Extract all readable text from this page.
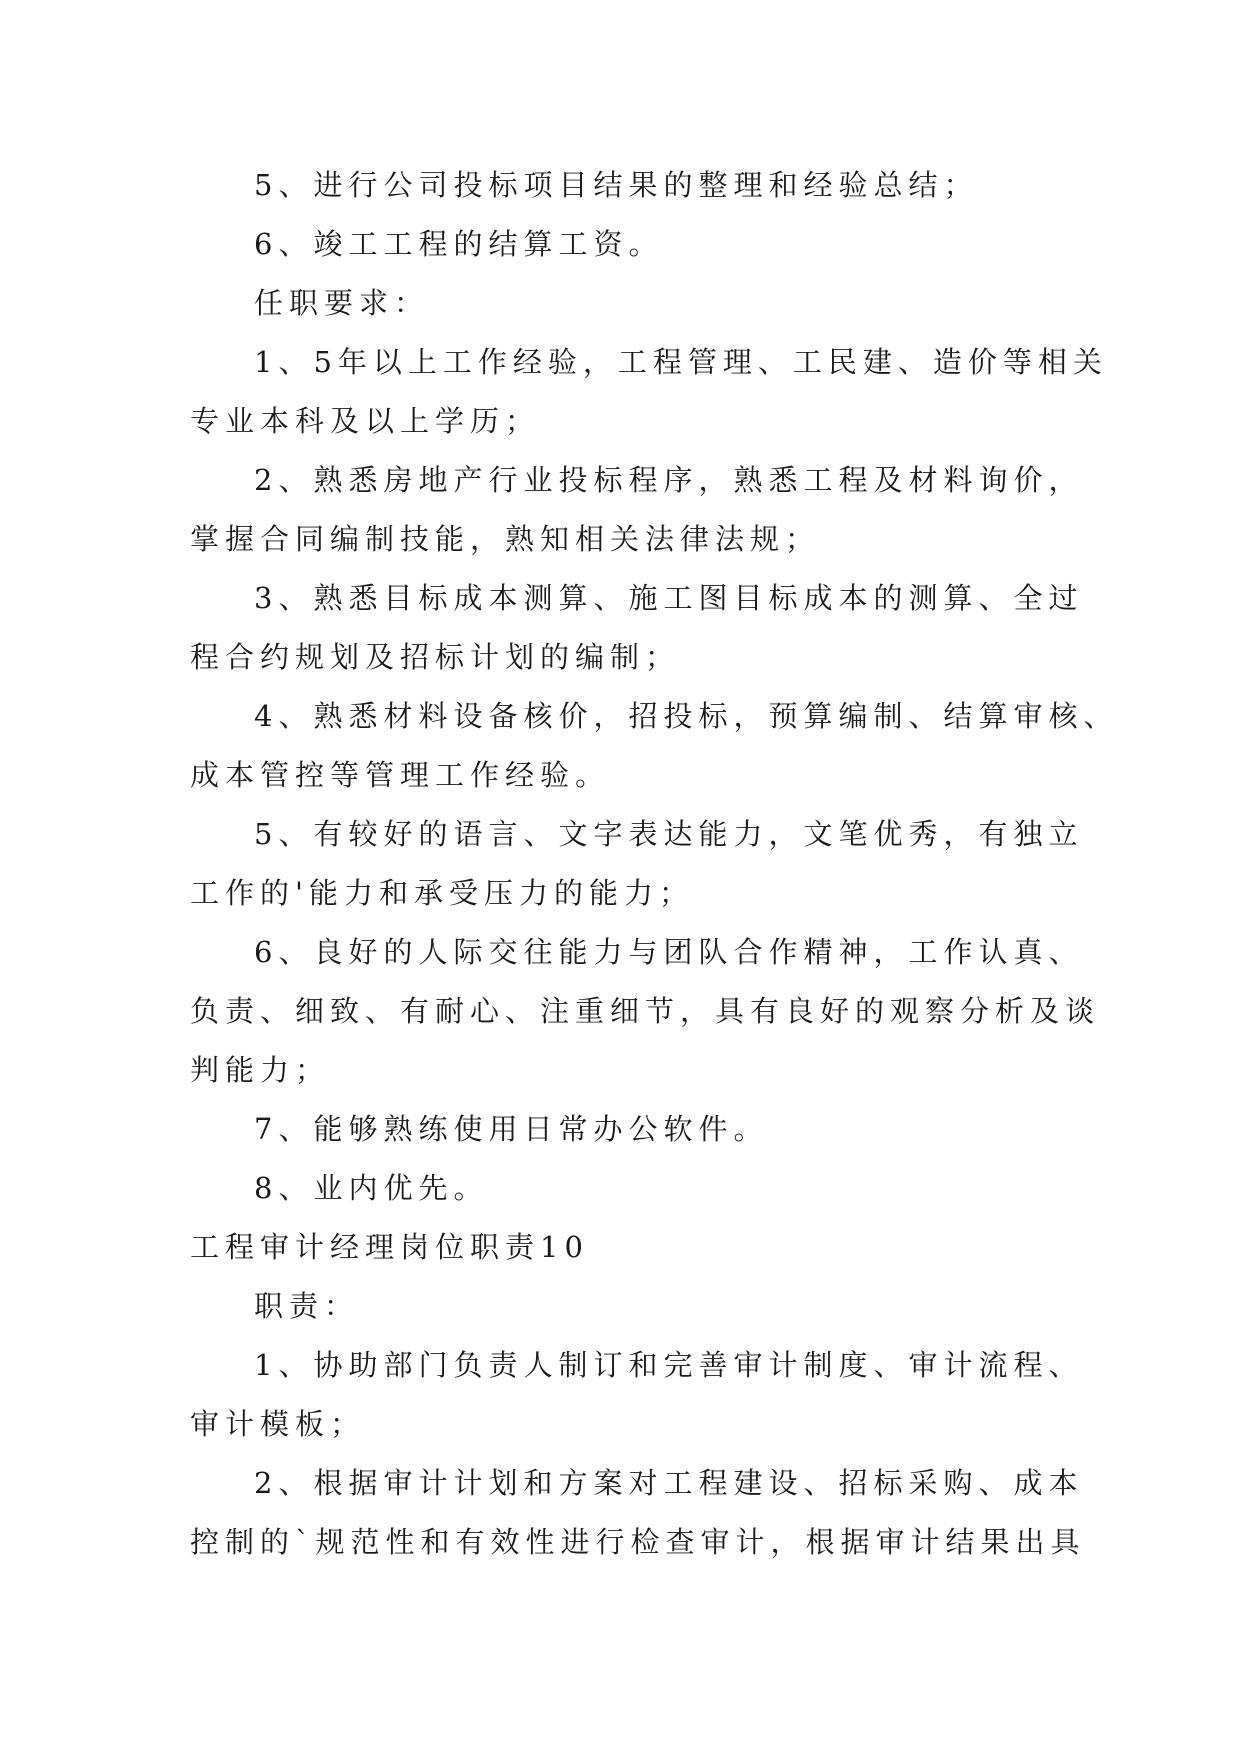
5、进行公司投标项目结果的整理和经验总结；

6、竣工工程的结算工资。

任职要求：

1、5年以上工作经验，工程管理、工民建、造价等相关

专业本科及以上学历；

2、熟悉房地产行业投标程序，熟悉工程及材料询价，

掌握合同编制技能，熟知相关法律法规；

3、熟悉目标成本测算、施工图目标成本的测算、全过

程合约规划及招标计划的编制；

4、熟悉材料设备核价，招投标，预算编制、结算审核、

成本管控等管理工作经验。

5、有较好的语言、文字表达能力，文笔优秀，有独立

工作的'能力和承受压力的能力；

6、良好的人际交往能力与团队合作精神，工作认真、

负责、细致、有耐心、注重细节，具有良好的观察分析及谈

判能力；

7、能够熟练使用日常办公软件。

8、业内优先。

工程审计经理岗位职责10

职责：

1、协助部门负责人制订和完善审计制度、审计流程、

审计模板；

2、根据审计计划和方案对工程建设、招标采购、成本

控制的`规范性和有效性进行检查审计，根据审计结果出具
